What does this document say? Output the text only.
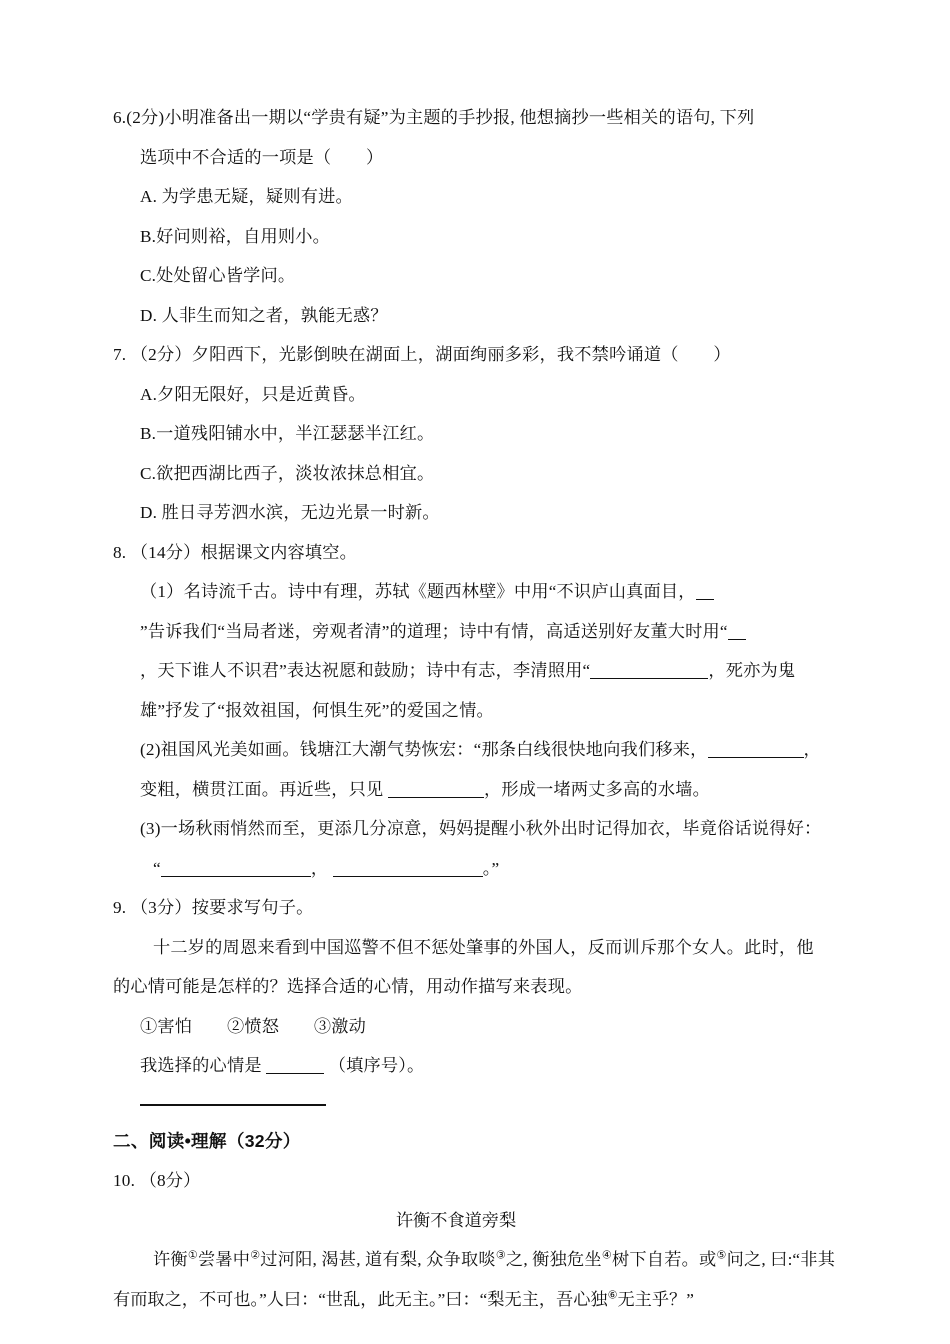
6.(2分)小明准备出一期以“学贵有疑”为主题的手抄报, 他想摘抄一些相关的语句, 下列
选项中不合适的一项是（　　）
A. 为学患无疑，疑则有进。
B.好问则裕，自用则小。
C.处处留心皆学问。
D. 人非生而知之者，孰能无惑？
7. （2分）夕阳西下，光影倒映在湖面上，湖面绚丽多彩，我不禁吟诵道（　　）
A.夕阳无限好，只是近黄昏。
B.一道残阳铺水中，半江瑟瑟半江红。
C.欲把西湖比西子，淡妆浓抹总相宜。
D. 胜日寻芳泗水滨，无边光景一时新。
8. （14分）根据课文内容填空。
（1）名诗流千古。诗中有理，苏轼《题西林壁》中用“不识庐山真面目，
”告诉我们“当局者迷，旁观者清”的道理；诗中有情，高适送别好友董大时用“
，天下谁人不识君”表达祝愿和鼓励；诗中有志，李清照用“	，死亦为鬼
雄”抒发了“报效祖国，何惧生死”的爱国之情。
(2)祖国风光美如画。钱塘江大潮气势恢宏：“那条白线很快地向我们移来，	，
变粗，横贯江面。再近些，只见	，形成一堵两丈多高的水墙。
(3)一场秋雨悄然而至，更添几分凉意，妈妈提醒小秋外出时记得加衣，毕竟俗话说得好：
“	，	。”
9. （3分）按要求写句子。
十二岁的周恩来看到中国巡警不但不惩处肇事的外国人，反而训斥那个女人。此时，他
的心情可能是怎样的？选择合适的心情，用动作描写来表现。
①害怕　　②愤怒　　③激动
我选择的心情是	（填序号）。
二、阅读•理解（32分）
10. （8分）
许衡不食道旁梨
许衡①尝暑中②过河阳, 渴甚, 道有梨, 众争取啖③之, 衡独危坐④树下自若。或⑤问之, 曰:“非其有而取之，不可也。”人曰：“世乱，此无主。”曰：“梨无主，吾心独⑥无主乎？”
